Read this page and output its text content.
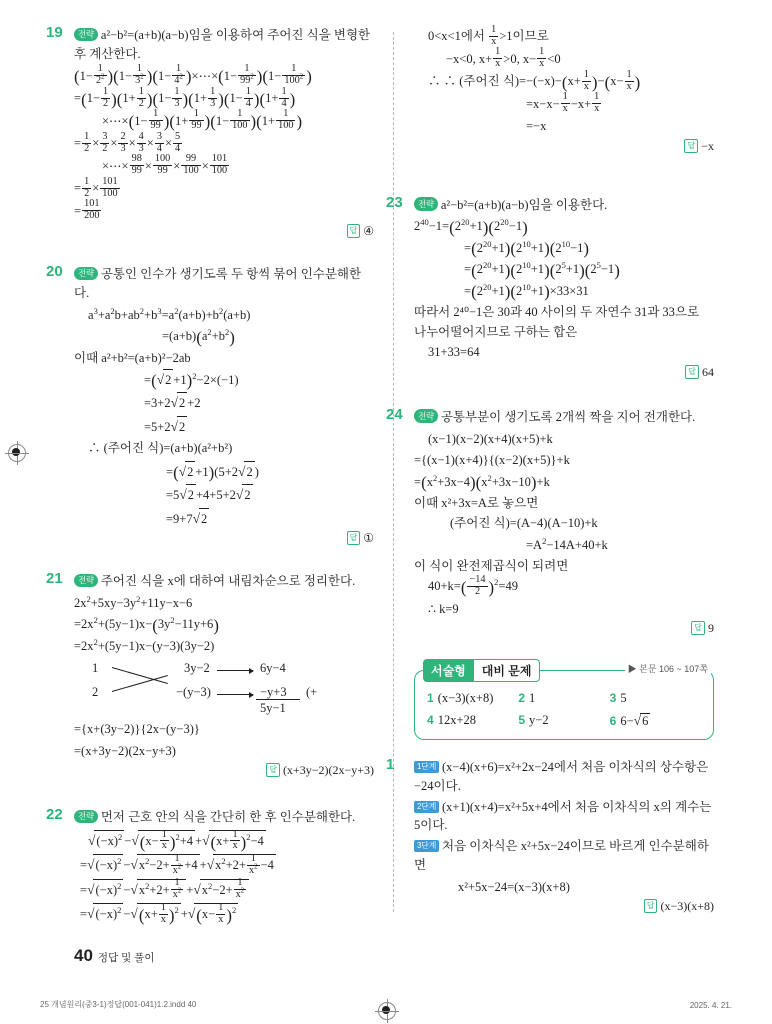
19	전략 a²−b²=(a+b)(a−b)임을 이용하여 주어진 식을 변형한 후 계산한다.
$(1- \frac{1}{2^2} )(1- \frac{1}{3^2} )(1- \frac{1}{4^2}$ )×⋯×(1− $\frac{1}{99^2} )(1- \frac{1}{100^2}$ )
$=(1- \frac{1}{2} )(1+ \frac{1}{2} )(1- \frac{1}{3} )(1+ \frac{1}{3} )(1- \frac{1}{4} )(1+ \frac{1}{4}$ )
×⋯×(1− $\frac{1}{99} )(1+ \frac{1}{99} )(1- \frac{1}{100} )(1+ \frac{1}{100}$ )
= $\frac{1}{2} \times \frac{3}{2} \times \frac{2}{3} \times \frac{4}{3} \times \frac{3}{4} \times \frac{5}{4}$
×⋯× $\frac{98}{99} \times \frac{100}{99} \times \frac{99}{100} \times \frac{101}{100}$
= $\frac{1}{2} \times \frac{101}{100}$
= $\frac{101}{200}$
답 ④
20	전략 공통인 인수가 생기도록 두 항씩 묶어 인수분해한다.
$a^3+a^2b+ab^2+b^3=a^2(a+b)+b^2(a+b)$
$=(a+b)(a^2+b^2)$
이때 a²+b²=(a+b)²−2ab
$=(√2 +1)^2-2\times(-1)$
=3+2√2 +2
=5+2√2
∴ (주어진 식)=(a+b)(a²+b²)
=(√2 +1)(5+2√2 )
=5√2 +4+5+2√2
=9+7√2
답 ①
21	전략 주어진 식을 x에 대하여 내림차순으로 정리한다.
$2x^2+5xy-3y^2+11y-x-6$
$=2x^2+(5y-1)x-(3y^2-11y+6)$
$=2x^2+(5y-1)x-(y-3)(3y-2)$
1
2
3y−2
−(y−3)
6y−4
−y+3 (+
5y−1
={x+(3y−2)}{2x−(y−3)}
=(x+3y−2)(2x−y+3)
답 (x+3y−2)(2x−y+3)
22	전략 먼저 근호 안의 식을 간단히 한 후 인수분해한다.
$√(-x)^2 -√(x- \frac{1}{x} )^2+4 +√(x+ \frac{1}{x} )^2-4$
$=√(-x)^2 -√x^2-2+ \frac{1}{x^2} +4 +√x^2+2+ \frac{1}{x^2} -4$
$=√(-x)^2 -√x^2+2+ \frac{1}{x^2} +√x^2-2+ \frac{1}{x^2}$
$=√(-x)^2 -√(x+ \frac{1}{x} )^2 +√(x- \frac{1}{x} )^2$
0<x<1에서 $\frac{1}{x} >1$이므로
−x<0, $x+ \frac{1}{x} >0$, $x- \frac{1}{x} <0$
∴ ∴ (주어진 식)$=-(-x)-(x+ \frac{1}{x} )-(x- \frac{1}{x}$ )
$=x-x- \frac{1}{x} -x+ \frac{1}{x}$
=−x
답 −x
23	전략 a²−b²=(a+b)(a−b)임을 이용한다.
$2^{40}-1=(2^{20}+1)(2^{20}-1)$
$=(2^{20}+1)(2^{10}+1)(2^{10}-1)$
$=(2^{20}+1)(2^{10}+1)(2^5+1)(2^5-1)$
$=(2^{20}+1)(2^{10}+1)\times 33\times 31$
따라서 2⁴⁰−1은 30과 40 사이의 두 자연수 31과 33으로
나누어떨어지므로 구하는 합은
31+33=64
답 64
24	전략 공통부분이 생기도록 2개씩 짝을 지어 전개한다.
(x−1)(x−2)(x+4)(x+5)+k
={(x−1)(x+4)}{(x−2)(x+5)}+k
$=(x^2+3x-4)(x^2+3x-10)+k$
이때 x²+3x=A로 놓으면
(주어진 식)=(A−4)(A−10)+k
$=A^2-14A+40+k$
이 식이 완전제곱식이 되려면
$40+k=( \frac{-14}{2} )^2=49$
∴ k=9
답 9
서술형	대비 문제	▶ 본문 106 ~ 107쪽
1 (x−3)(x+8)	2 1	3 5
4 12x+28	5 y−2	6 6−√6
1	1단계 (x−4)(x+6)=x²+2x−24에서 처음 이차식의 상수항은 −24이다.
2단계 (x+1)(x+4)=x²+5x+4에서 처음 이차식의 x의 계수는 5이다.
3단계 처음 이차식은 x²+5x−24이므로 바르게 인수분해하면
x²+5x−24=(x−3)(x+8)
답 (x−3)(x+8)
40 정답 및 풀이
25 개념원리(중3-1)정답(001-041)1.2.indd 40	2025. 4. 21.
